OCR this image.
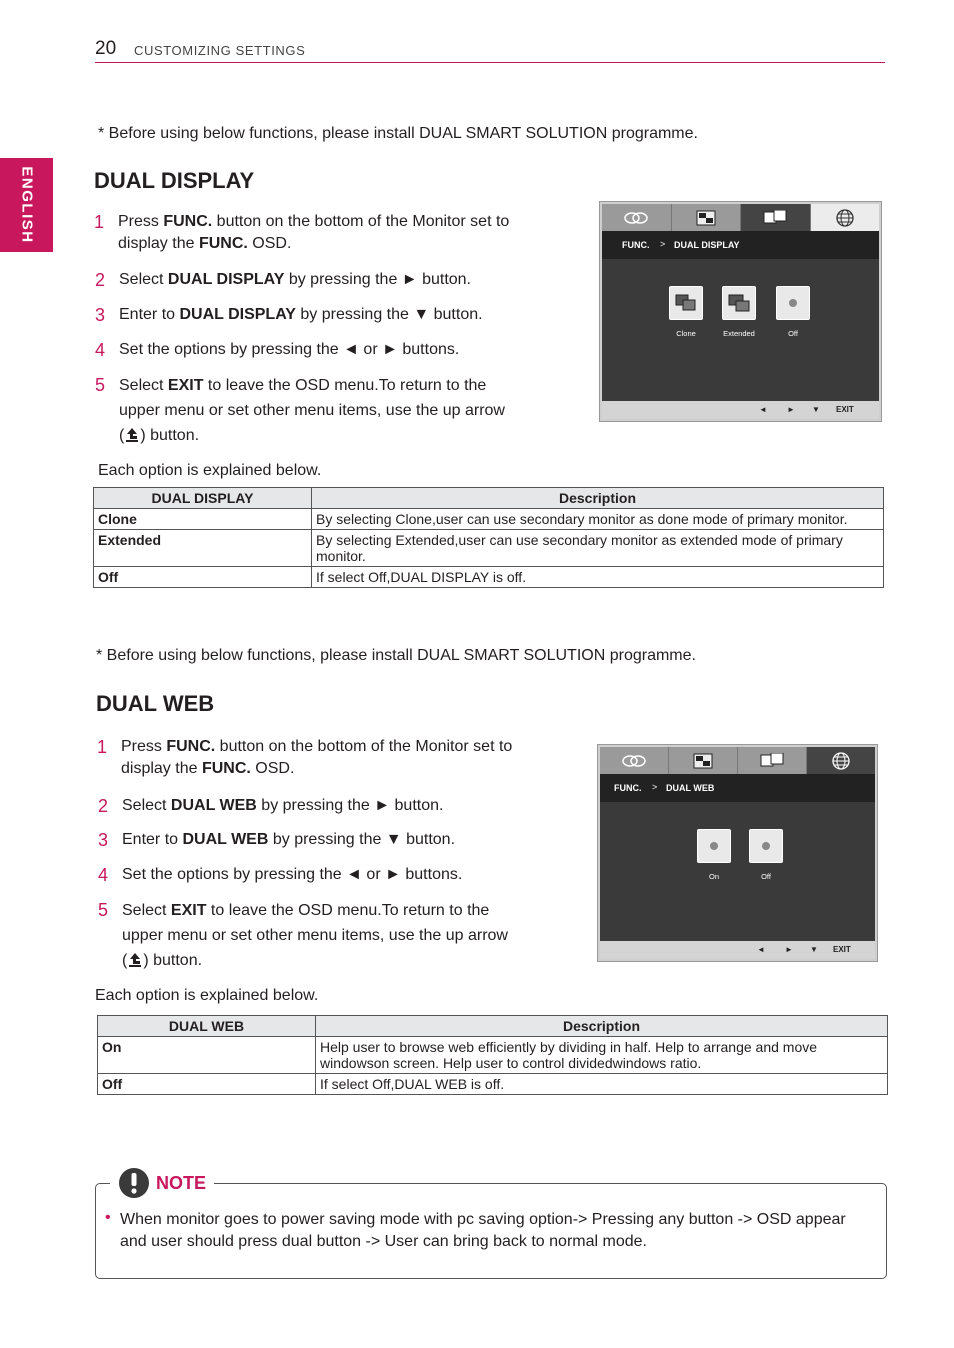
20 CUSTOMIZING SETTINGS
ENGLISH
* Before using below functions, please install DUAL SMART SOLUTION programme.
DUAL DISPLAY
1 Press FUNC. button on the bottom of the Monitor set to display the FUNC. OSD.
2 Select DUAL DISPLAY by pressing the ► button.
3 Enter to DUAL DISPLAY by pressing the ▼ button.
4 Set the options by pressing the ◄ or ► buttons.
5 Select EXIT to leave the OSD menu.To return to the upper menu or set other menu items, use the up arrow ( ) button.
FUNC. > DUAL DISPLAY
Clone	Extended	Off
◄	► ▼ EXIT
Each option is explained below.
DUAL DISPLAY	Description
Clone	By selecting Clone,user can use secondary monitor as done mode of primary monitor.
Extended	By selecting Extended,user can use secondary monitor as extended mode of primary monitor.
Off	If select Off,DUAL DISPLAY is off.
* Before using below functions, please install DUAL SMART SOLUTION programme.
DUAL WEB
1 Press FUNC. button on the bottom of the Monitor set to display the FUNC. OSD.
2 Select DUAL WEB by pressing the ► button.
3 Enter to DUAL WEB by pressing the ▼ button.
4 Set the options by pressing the ◄ or ► buttons.
5 Select EXIT to leave the OSD menu.To return to the upper menu or set other menu items, use the up arrow ( ) button.
FUNC. > DUAL WEB
On	Off
◄	► ▼ EXIT
Each option is explained below.
DUAL WEB	Description
On	Help user to browse web efficiently by dividing in half. Help to arrange and move windowson screen. Help user to control dividedwindows ratio.
Off	If select Off,DUAL WEB is off.
NOTE
• When monitor goes to power saving mode with pc saving option-> Pressing any button -> OSD appear and user should press dual button -> User can bring back to normal mode.
